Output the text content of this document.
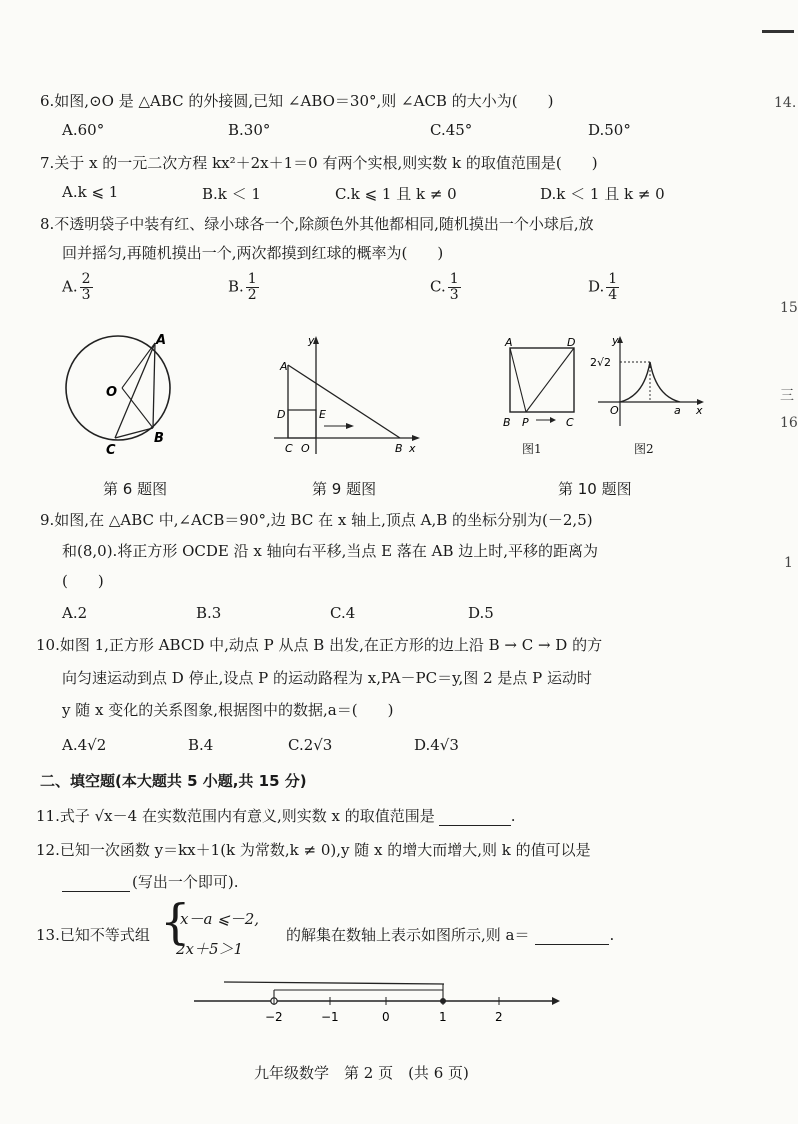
14.
15
三
16
1
6.如图,⊙O 是 △ABC 的外接圆,已知 ∠ABO＝30°,则 ∠ACB 的大小为(　　)
A.60°	B.30°	C.45°	D.50°
7.关于 x 的一元二次方程 kx²＋2x＋1＝0 有两个实根,则实数 k 的取值范围是(　　)
A.k ⩽ 1	B.k ＜ 1	C.k ⩽ 1 且 k ≠ 0	D.k ＜ 1 且 k ≠ 0
8.不透明袋子中装有红、绿小球各一个,除颜色外其他都相同,随机摸出一个小球后,放
回并摇匀,再随机摸出一个,两次都摸到红球的概率为(　　)
A. $\frac{2}{3}$	B. $\frac{1}{2}$	C. $\frac{1}{3}$	D. $\frac{1}{4}$
A
O
C
B
第 6 题图
y
A
D	E
C O	B x
第 9 题图
A	D
B P	C
图1
y
2√2
O	a x
图2
第 10 题图
9.如图,在 △ABC 中,∠ACB＝90°,边 BC 在 x 轴上,顶点 A,B 的坐标分别为(－2,5)
和(8,0).将正方形 OCDE 沿 x 轴向右平移,当点 E 落在 AB 边上时,平移的距离为
(　　)
A.2	B.3	C.4	D.5
10.如图 1,正方形 ABCD 中,动点 P 从点 B 出发,在正方形的边上沿 B → C → D 的方
向匀速运动到点 D 停止,设点 P 的运动路程为 x,PA－PC＝y,图 2 是点 P 运动时
y 随 x 变化的关系图象,根据图中的数据,a＝(　　)
A.4√2	B.4	C.2√3	D.4√3
二、填空题(本大题共 5 小题,共 15 分)
11.式子 √x－4 在实数范围内有意义,则实数 x 的取值范围是	.
12.已知一次函数 y＝kx＋1(k 为常数,k ≠ 0),y 随 x 的增大而增大,则 k 的值可以是
(写出一个即可).
13.已知不等式组 {
x－a ⩽－2,
2x＋5＞1
的解集在数轴上表示如图所示,则 a＝	.
−2	−1	0	1	2
九年级数学　第 2 页　(共 6 页)
